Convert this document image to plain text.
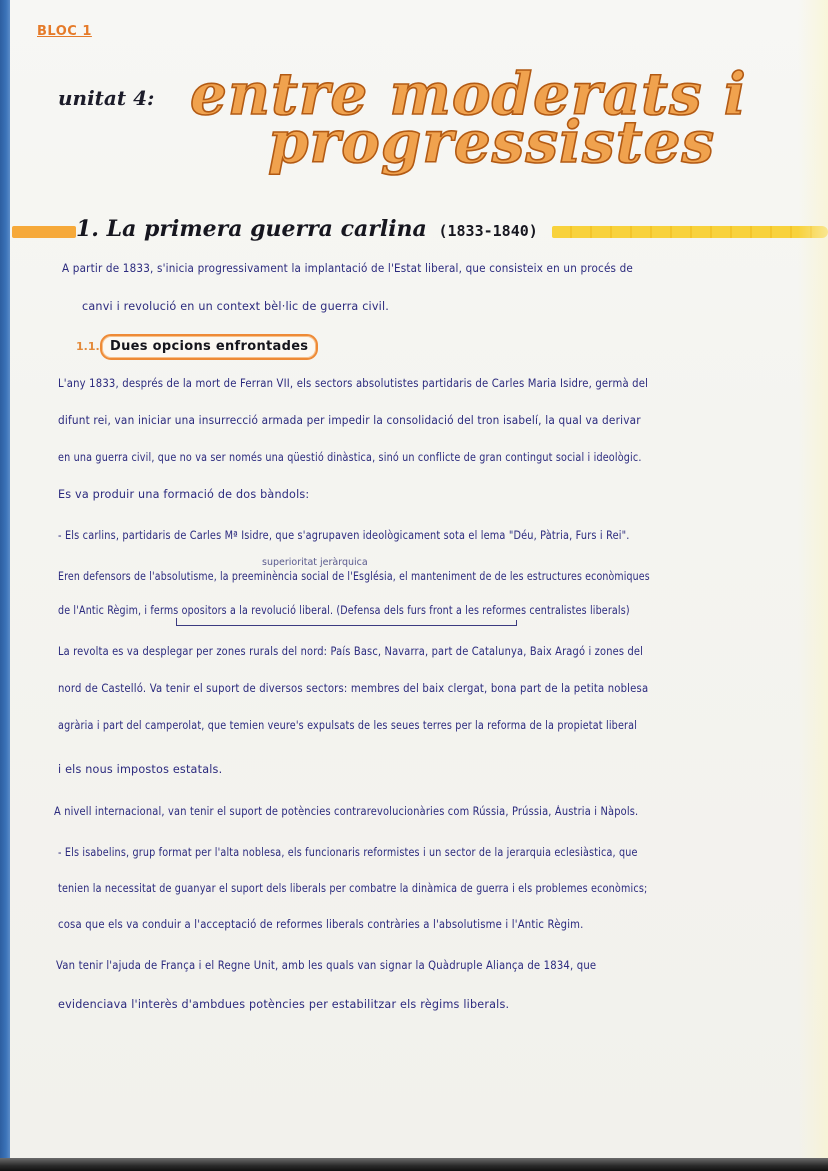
BLOC 1
unitat 4: entre moderats i
progressistes
1. La primera guerra carlina (1833-1840)
A partir de 1833, s'inicia progressivament la implantació de l'Estat liberal, que consisteix en un procés de
canvi i revolució en un context bèl·lic de guerra civil.
1.1. Dues opcions enfrontades
L'any 1833, després de la mort de Ferran VII, els sectors absolutistes partidaris de Carles Maria Isidre, germà del
difunt rei, van iniciar una insurrecció armada per impedir la consolidació del tron isabelí, la qual va derivar
en una guerra civil, que no va ser només una qüestió dinàstica, sinó un conflicte de gran contingut social i ideològic.
Es va produir una formació de dos bàndols:
- Els carlins, partidaris de Carles Mª Isidre, que s'agrupaven ideològicament sota el lema "Déu, Pàtria, Furs i Rei".
superioritat jeràrquica
Eren defensors de l'absolutisme, la preeminència social de l'Església, el manteniment de de les estructures econòmiques
de l'Antic Règim, i ferms opositors a la revolució liberal. (Defensa dels furs front a les reformes centralistes liberals)
La revolta es va desplegar per zones rurals del nord: País Basc, Navarra, part de Catalunya, Baix Aragó i zones del
nord de Castelló. Va tenir el suport de diversos sectors: membres del baix clergat, bona part de la petita noblesa
agrària i part del camperolat, que temien veure's expulsats de les seues terres per la reforma de la propietat liberal
i els nous impostos estatals.
A nivell internacional, van tenir el suport de potències contrarevolucionàries com Rússia, Prússia, Àustria i Nàpols.
- Els isabelins, grup format per l'alta noblesa, els funcionaris reformistes i un sector de la jerarquia eclesiàstica, que
tenien la necessitat de guanyar el suport dels liberals per combatre la dinàmica de guerra i els problemes econòmics;
cosa que els va conduir a l'acceptació de reformes liberals contràries a l'absolutisme i l'Antic Règim.
Van tenir l'ajuda de França i el Regne Unit, amb les quals van signar la Quàdruple Aliança de 1834, que
evidenciava l'interès d'ambdues potències per estabilitzar els règims liberals.
